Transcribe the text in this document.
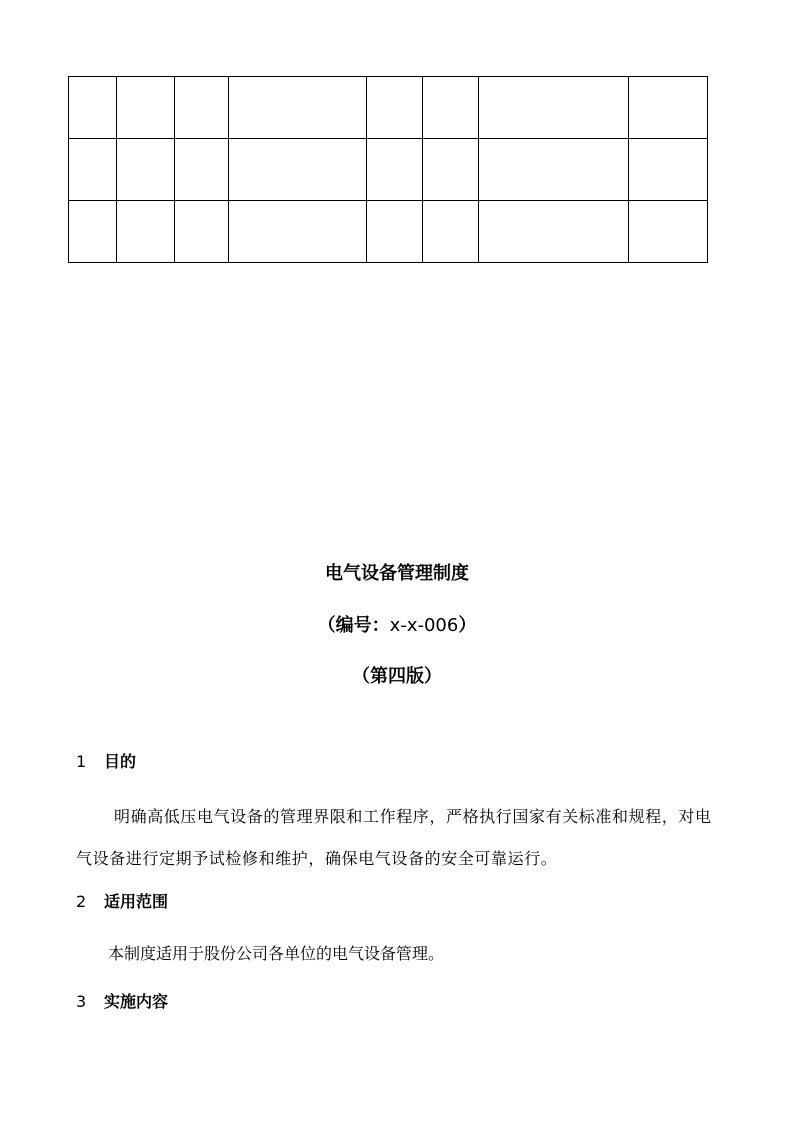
电气设备管理制度
（编号：x-x-006）
（第四版）
1 目的
明确高低压电气设备的管理界限和工作程序，严格执行国家有关标准和规程，对电气设备进行定期予试检修和维护，确保电气设备的安全可靠运行。
2 适用范围
本制度适用于股份公司各单位的电气设备管理。
3 实施内容
